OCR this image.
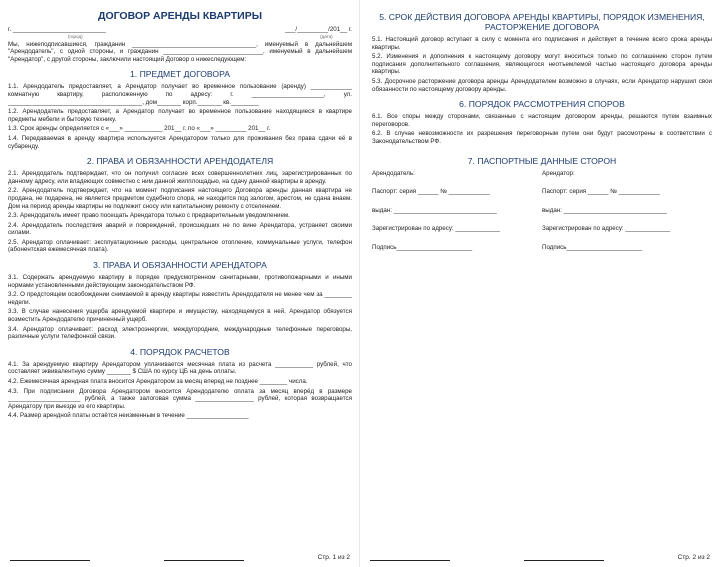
ДОГОВОР АРЕНДЫ КВАРТИРЫ
г. ___________________________
(город)
___/_________/201__ г.
(дата)

Мы, нижеподписавшиеся, гражданин ____________________________________, именуемый в дальнейшем "Арендодатель", с одной стороны, и гражданин _____________________________, именуемый в дальнейшем "Арендатор", с другой стороны, заключили настоящий Договор о нижеследующем:

1. ПРЕДМЕТ ДОГОВОРА

1.1. Арендодатель предоставляет, а Арендатор получает во временное пользование (аренду) ____________ комнатную квартиру, расположенную по адресу: г. _____________________, ул. _______________________________________, дом_______ корп._______ кв.________

1.2. Арендодатель предоставляет, а Арендатор получает во временное пользование находящиеся в квартире предметы мебели и бытовую технику.

1.3. Срок аренды определяется с «___» ___________ 201__ г. по «___» _________ 201__ г.

1.4. Передаваемая в аренду квартира используется Арендатором только для проживания без права сдачи её в субаренду.

2. ПРАВА И ОБЯЗАННОСТИ АРЕНДОДАТЕЛЯ

2.1. Арендодатель подтверждает, что он получил согласие всех совершеннолетних лиц, зарегистрированных по данному адресу, или владеющих совместно с ним данной жилплощадью, на сдачу данной квартиры в аренду.

2.2. Арендодатель подтверждает, что на момент подписания настоящего Договора аренды данная квартира не продана, не подарена, не является предметом судебного спора, не находится под залогом, арестом, не сдана внаем. Дом на период аренды квартиры не подлежит сносу или капитальному ремонту с отселением.

2.3. Арендодатель имеет право посещать Арендатора только с предварительным уведомлением.

2.4. Арендодатель последствия аварий и повреждений, происшедших не по вине Арендатора, устраняет своими силами.

2.5. Арендатор оплачивает: эксплуатационные расходы, центральное отопление, коммунальные услуги, телефон (абонентская ежемесячная плата).

3. ПРАВА И ОБЯЗАННОСТИ АРЕНДАТОРА

3.1. Содержать арендуемую квартиру в порядке предусмотренном санитарными, противопожарными и иными нормами установленными действующим законодательством РФ.

3.2. О предстоящем освобождении снимаемой в аренду квартиры известить Арендодателя не менее чем за ________ недели.

3.3. В случае нанесения ущерба арендуемой квартире и имуществу, находящемуся в ней, Арендатор обязуется возместить Арендодателю причиненный ущерб.

3.4. Арендатор оплачивает: расход электроэнергии, междугородние, международные телефонные переговоры, различные услуги телефонной связи.

4. ПОРЯДОК РАСЧЕТОВ

4.1. За арендуемую квартиру Арендатором уплачивается месячная плата из расчета ___________ рублей, что составляет эквивалентную сумму _______ $ США по курсу ЦБ на день оплаты.

4.2. Ежемесячная арендная плата вносится Арендатором за месяц вперед не позднее ________ числа.

4.3. При подписании Договора Арендатором вносится Арендодателю оплата за месяц вперёд в размере _____________________ рублей, а также залоговая сумма _________________ рублей, которая возвращается Арендатору при выезде из его квартиры.

4.4. Размер арендной платы остаётся неизменным в течение __________________

Стр. 1 из 2
5. СРОК ДЕЙСТВИЯ ДОГОВОРА АРЕНДЫ КВАРТИРЫ, ПОРЯДОК ИЗМЕНЕНИЯ, РАСТОРЖЕНИЕ ДОГОВОРА

5.1. Настоящий договор вступает в силу с момента его подписания и действует в течение всего срока аренды квартиры.

5.2. Изменения и дополнения к настоящему договору могут вноситься только по соглашению сторон путем подписания дополнительного соглашения, являющегося неотъемлемой частью настоящего договора аренды квартиры.

5.3. Досрочное расторжение договора аренды Арендодателем возможно в случаях, если Арендатор нарушил свои обязанности по настоящему договору аренды.

6. ПОРЯДОК РАССМОТРЕНИЯ СПОРОВ

6.1. Все споры между сторонами, связанные с настоящим договором аренды, решаются путем взаимных переговоров.

6.2. В случае невозможности их разрешения переговорным путем они будут рассмотрены в соответствии с Законодательством РФ.

7. ПАСПОРТНЫЕ ДАННЫЕ СТОРОН

Арендодатель:

Паспорт: серия ______ № ____________

выдан: ______________________________

Зарегистрирован по адресу: _____________

Подпись______________________

Арендатор:

Паспорт: серия ______ № ____________

выдан: ______________________________

Зарегистрирован по адресу: _____________

Подпись______________________

Стр. 2 из 2
